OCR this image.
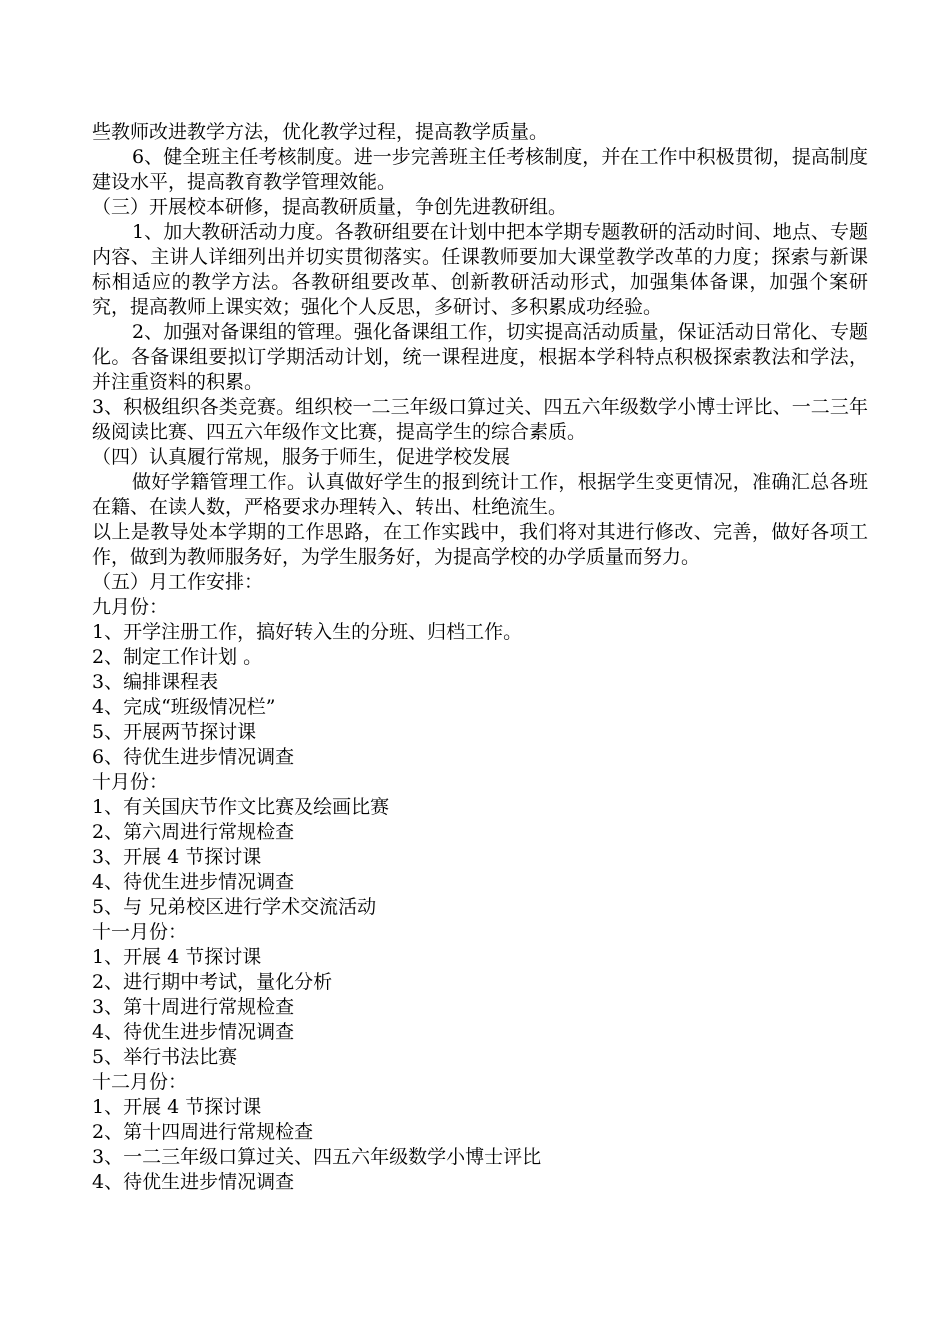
些教师改进教学方法，优化教学过程，提高教学质量。

6、健全班主任考核制度。进一步完善班主任考核制度，并在工作中积极贯彻，提高制度建设水平，提高教育教学管理效能。

（三）开展校本研修，提高教研质量，争创先进教研组。

1、加大教研活动力度。各教研组要在计划中把本学期专题教研的活动时间、地点、专题内容、主讲人详细列出并切实贯彻落实。任课教师要加大课堂教学改革的力度；探索与新课标相适应的教学方法。各教研组要改革、创新教研活动形式，加强集体备课，加强个案研究，提高教师上课实效；强化个人反思，多研讨、多积累成功经验。

2、加强对备课组的管理。强化备课组工作，切实提高活动质量，保证活动日常化、专题化。各备课组要拟订学期活动计划，统一课程进度，根据本学科特点积极探索教法和学法，并注重资料的积累。

3、积极组织各类竞赛。组织校一二三年级口算过关、四五六年级数学小博士评比、一二三年级阅读比赛、四五六年级作文比赛，提高学生的综合素质。

（四）认真履行常规，服务于师生，促进学校发展

做好学籍管理工作。认真做好学生的报到统计工作，根据学生变更情况，准确汇总各班在籍、在读人数，严格要求办理转入、转出、杜绝流生。

以上是教导处本学期的工作思路，在工作实践中，我们将对其进行修改、完善，做好各项工作，做到为教师服务好，为学生服务好，为提高学校的办学质量而努力。

（五）月工作安排：

九月份：

1、开学注册工作，搞好转入生的分班、归档工作。

2、制定工作计划 。

3、编排课程表

4、完成“班级情况栏”

5、开展两节探讨课

6、待优生进步情况调查

十月份：

1、有关国庆节作文比赛及绘画比赛

2、第六周进行常规检查

3、开展 4 节探讨课

4、待优生进步情况调查

5、与 兄弟校区进行学术交流活动

十一月份：

1、开展 4 节探讨课

2、进行期中考试，量化分析

3、第十周进行常规检查

4、待优生进步情况调查

5、举行书法比赛

十二月份：

1、开展 4 节探讨课

2、第十四周进行常规检查

3、一二三年级口算过关、四五六年级数学小博士评比

4、待优生进步情况调查
